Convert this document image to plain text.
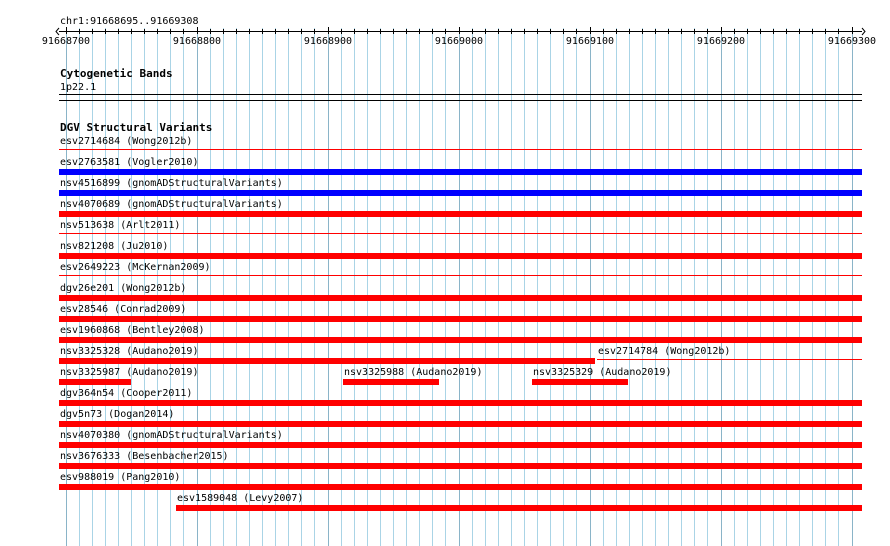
chr1:91668695..91669308
91668700	91668800	91668900	91669000	91669100	91669200	91669300
Cytogenetic Bands
1p22.1
DGV Structural Variants
esv2714684 (Wong2012b)
esv2763581 (Vogler2010)
nsv4516899 (gnomADStructuralVariants)
nsv4070689 (gnomADStructuralVariants)
nsv513638 (Arlt2011)
nsv821208 (Ju2010)
esv2649223 (McKernan2009)
dgv26e201 (Wong2012b)
esv28546 (Conrad2009)
esv1960868 (Bentley2008)
nsv3325328 (Audano2019)	esv2714784 (Wong2012b)
nsv3325987 (Audano2019)	nsv3325988 (Audano2019)	nsv3325329 (Audano2019)
dgv364n54 (Cooper2011)
dgv5n73 (Dogan2014)
nsv4070380 (gnomADStructuralVariants)
nsv3676333 (Besenbacher2015)
esv988019 (Pang2010)
esv1589048 (Levy2007)
